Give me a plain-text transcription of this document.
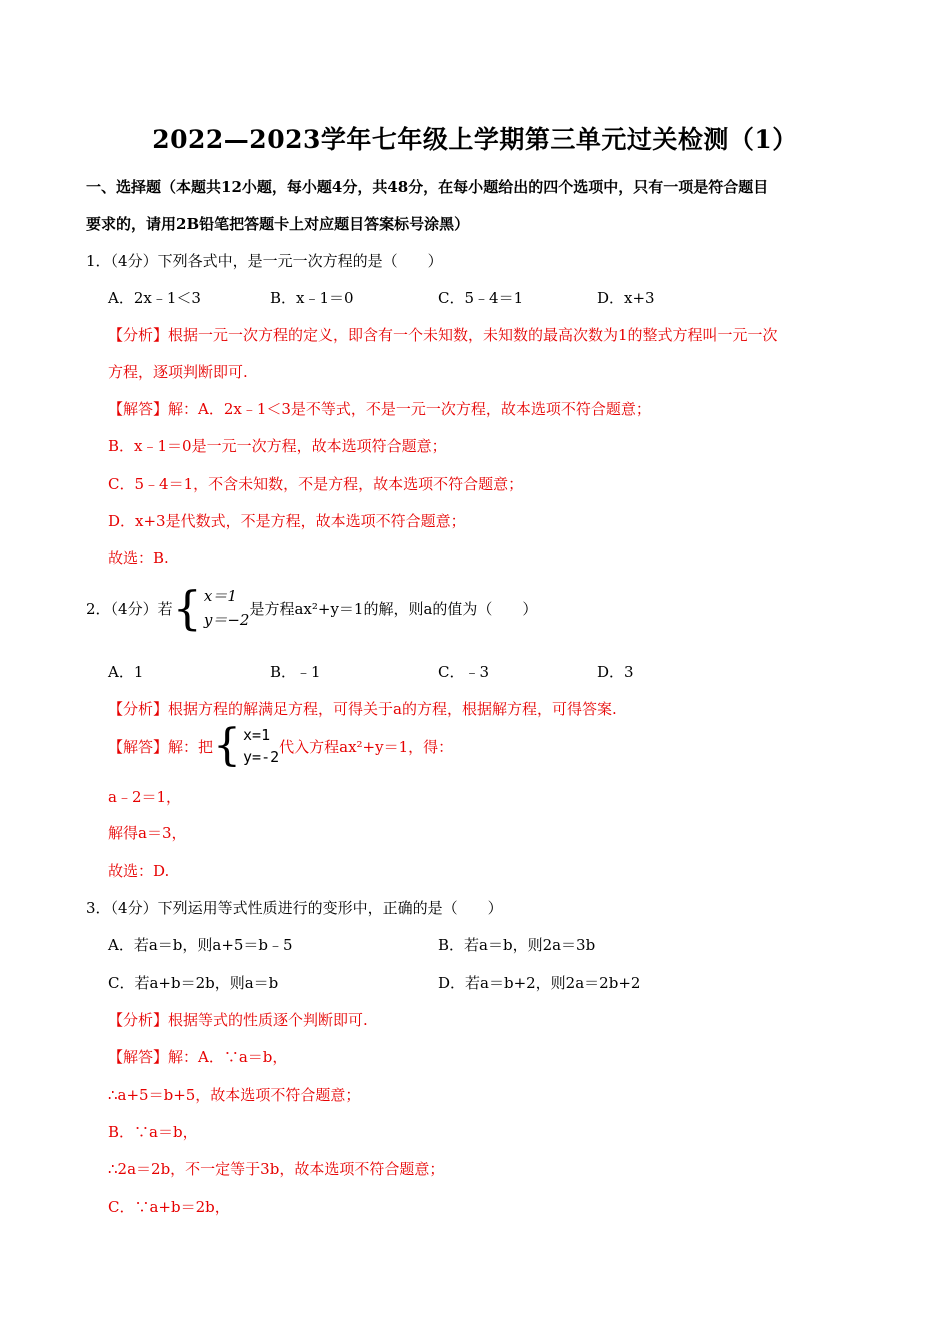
2022—2023学年七年级上学期第三单元过关检测（1）
一、选择题（本题共12小题，每小题4分，共48分，在每小题给出的四个选项中，只有一项是符合题目
要求的，请用2B铅笔把答题卡上对应题目答案标号涂黑）
1．（4分）下列各式中，是一元一次方程的是（　　）
A．2x﹣1＜3	B．x﹣1＝0	C．5﹣4＝1	D．x+3
【分析】根据一元一次方程的定义，即含有一个未知数，未知数的最高次数为1的整式方程叫一元一次
方程，逐项判断即可.
【解答】解：A．2x﹣1＜3是不等式，不是一元一次方程，故本选项不符合题意；
B．x﹣1＝0是一元一次方程，故本选项符合题意；
C．5﹣4＝1，不含未知数，不是方程，故本选项不符合题意；
D．x+3是代数式，不是方程，故本选项不符合题意；
故选：B.
2．（4分）若 { x＝1
y＝−2
是方程ax²+y＝1的解，则a的值为（　　）
A．1	B．﹣1	C．﹣3	D．3
【分析】根据方程的解满足方程，可得关于a的方程，根据解方程，可得答案.
【解答】解：把 { x=1
y=-2
代入方程ax²+y＝1，得：
a﹣2＝1，
解得a＝3，
故选：D.
3．（4分）下列运用等式性质进行的变形中，正确的是（　　）
A．若a＝b，则a+5＝b﹣5	B．若a＝b，则2a＝3b
C．若a+b＝2b，则a＝b	D．若a＝b+2，则2a＝2b+2
【分析】根据等式的性质逐个判断即可.
【解答】解：A．∵a＝b，
∴a+5＝b+5，故本选项不符合题意；
B．∵a＝b，
∴2a＝2b，不一定等于3b，故本选项不符合题意；
C．∵a+b＝2b，
